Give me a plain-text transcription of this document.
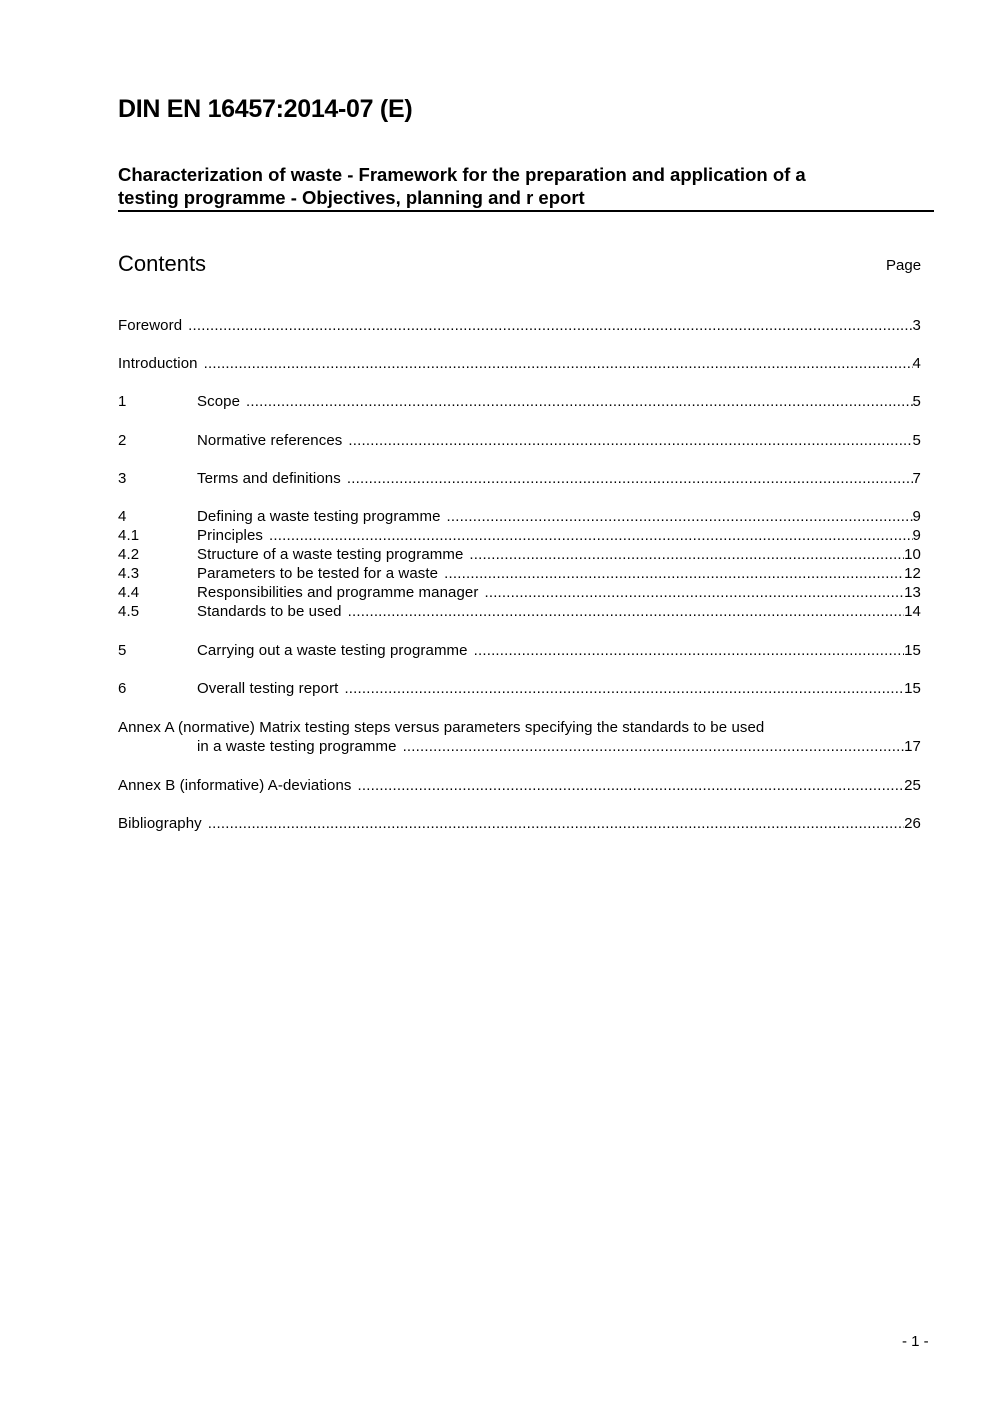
DIN EN 16457:2014-07 (E)
Characterization of waste - Framework for the preparation and application of a
testing programme - Objectives, planning and r eport
Contents	Page
Foreword .....	3
Introduction .....	4
1	Scope .....	5
2	Normative references .....	5
3	Terms and definitions .....	7
4	Defining a waste testing programme .....	9
4.1	Principles .....	9
4.2	Structure of a waste testing programme .....	10
4.3	Parameters to be tested for a waste .....	12
4.4	Responsibilities and programme manager .....	13
4.5	Standards to be used .....	14
5	Carrying out a waste testing programme .....	15
6	Overall testing report .....	15
Annex A (normative) Matrix testing steps versus parameters specifying the standards to be used
in a waste testing programme .....	17
Annex B (informative) A-deviations .....	25
Bibliography .....	26
- 1 -
